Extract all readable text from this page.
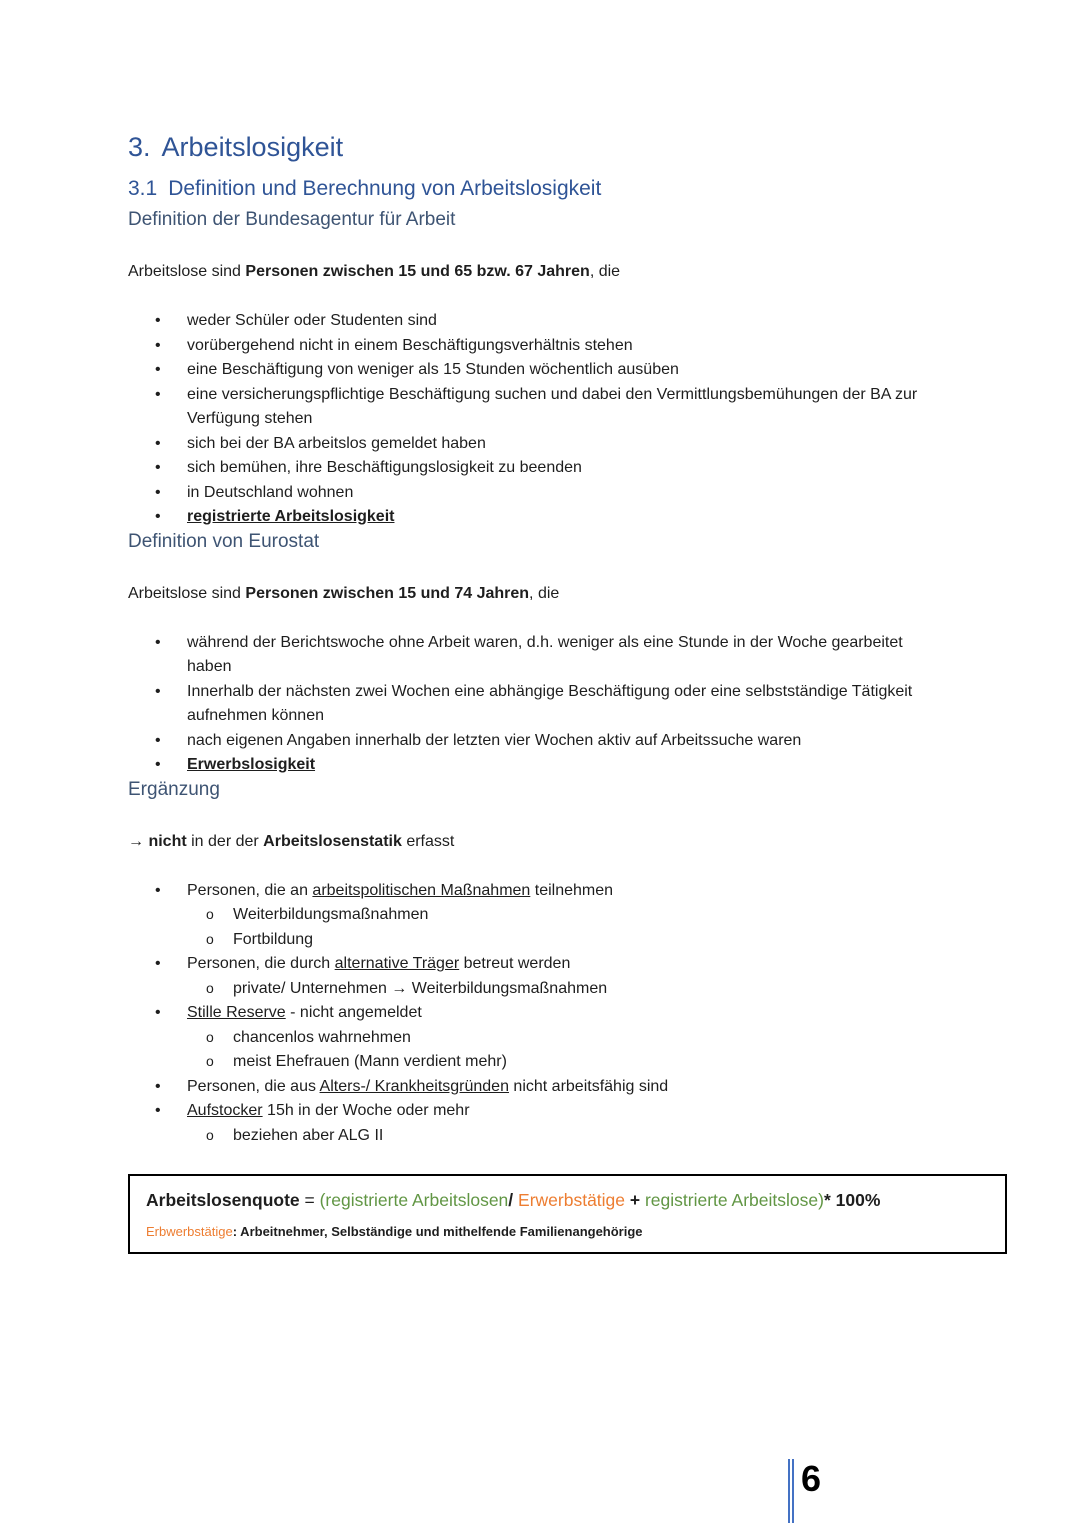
3. Arbeitslosigkeit
3.1 Definition und Berechnung von Arbeitslosigkeit
Definition der Bundesagentur für Arbeit

Arbeitslose sind Personen zwischen 15 und 65 bzw. 67 Jahren, die

• weder Schüler oder Studenten sind
• vorübergehend nicht in einem Beschäftigungsverhältnis stehen
• eine Beschäftigung von weniger als 15 Stunden wöchentlich ausüben
• eine versicherungspflichtige Beschäftigung suchen und dabei den Vermittlungsbemühungen der BA zur Verfügung stehen
• sich bei der BA arbeitslos gemeldet haben
• sich bemühen, ihre Beschäftigungslosigkeit zu beenden
• in Deutschland wohnen
• registrierte Arbeitslosigkeit
Definition von Eurostat

Arbeitslose sind Personen zwischen 15 und 74 Jahren, die

• während der Berichtswoche ohne Arbeit waren, d.h. weniger als eine Stunde in der Woche gearbeitet haben
• Innerhalb der nächsten zwei Wochen eine abhängige Beschäftigung oder eine selbstständige Tätigkeit aufnehmen können
• nach eigenen Angaben innerhalb der letzten vier Wochen aktiv auf Arbeitssuche waren
• Erwerbslosigkeit
Ergänzung

→ nicht in der der Arbeitslosenstatik erfasst

• Personen, die an arbeitspolitischen Maßnahmen teilnehmen
o Weiterbildungsmaßnahmen
o Fortbildung
• Personen, die durch alternative Träger betreut werden
o private/ Unternehmen → Weiterbildungsmaßnahmen
• Stille Reserve - nicht angemeldet
o chancenlos wahrnehmen
o meist Ehefrauen (Mann verdient mehr)
• Personen, die aus Alters-/ Krankheitsgründen nicht arbeitsfähig sind
• Aufstocker 15h in der Woche oder mehr
o beziehen aber ALG II

Arbeitslosenquote = (registrierte Arbeitslosen/ Erwerbstätige + registrierte Arbeitslose)* 100%

Erbwerbstätige: Arbeitnehmer, Selbständige und mithelfende Familienangehörige

6
